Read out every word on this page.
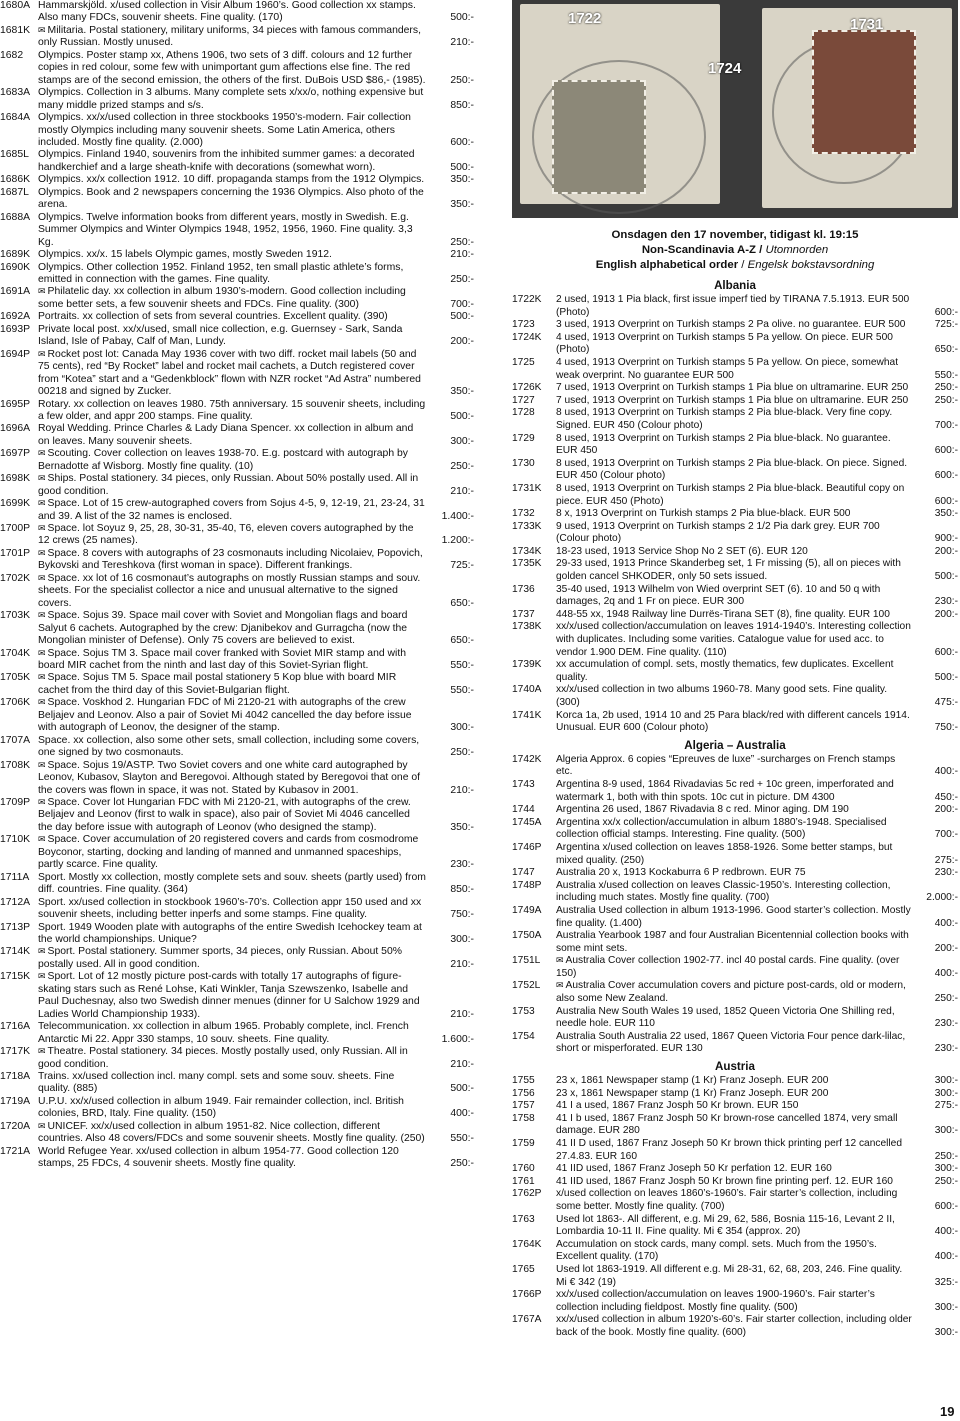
1680A Hammarskjöld. x/used collection in Visir Album 1960’s. Good collection xx stamps. Also many FDCs, souvenir sheets. Fine quality. (170)	500:-
1681K ✉ Militaria. Postal stationery, military uniforms, 34 pieces with famous commanders, only Russian. Mostly unused.	210:-
1682	Olympics. Poster stamp xx, Athens 1906, two sets of 3 diff. colours and 12 further copies in red colour, some few with unimportant gum affections else fine. The red stamps are of the second emission, the others of the first. DuBois USD $86,- (1985).	250:-
1683A Olympics. Collection in 3 albums. Many complete sets x/xx/o, nothing expensive but many middle prized stamps and s/s.	850:-
1684A Olympics. xx/x/used collection in three stockbooks 1950’s-modern. Fair collection mostly Olympics including many souvenir sheets. Some Latin America, others included. Mostly fine quality. (2.000)	600:-
1685L Olympics. Finland 1940, souvenirs from the inhibited summer games: a decorated handkerchief and a large sheath-knife with decorations (somewhat worn).	500:-
1686K Olympics. xx/x collection 1912. 10 diff. propaganda stamps from the 1912 Olympics.	350:-
1687L Olympics. Book and 2 newspapers concerning the 1936 Olympics. Also photo of the arena.	350:-
1688A Olympics. Twelve information books from different years, mostly in Swedish. E.g. Summer Olympics and Winter Olympics 1948, 1952, 1956, 1960. Fine quality. 3,3 Kg.	250:-
1689K Olympics. xx/x. 15 labels Olympic games, mostly Sweden 1912.	210:-
1690K Olympics. Other collection 1952. Finland 1952, ten small plastic athlete’s forms, emitted in connection with the games. Fine quality.	250:-
1691A ✉ Philatelic day. xx collection in album 1930’s-modern. Good collection including some better sets, a few souvenir sheets and FDCs. Fine quality. (300)	700:-
1692A Portraits. xx collection of sets from several countries. Excellent quality. (390)	500:-
1693P Private local post. xx/x/used, small nice collection, e.g. Guernsey - Sark, Sanda Island, Isle of Pabay, Calf of Man, Lundy.	200:-
1694P ✉ Rocket post lot: Canada May 1936 cover with two diff. rocket mail labels (50 and 75 cents), red “By Rocket” label and rocket mail cachets, a Dutch registered cover from “Kotea” start and a “Gedenkblock” flown with NZR rocket “Ad Astra” numbered 00218 and signed by Zucker.	350:-
1695P Rotary. xx collection on leaves 1980. 75th anniversary. 15 souvenir sheets, including a few older, and appr 200 stamps. Fine quality.	500:-
1696A Royal Wedding. Prince Charles & Lady Diana Spencer. xx collection in album and on leaves. Many souvenir sheets.	300:-
1697P ✉ Scouting. Cover collection on leaves 1938-70. E.g. postcard with autograph by Bernadotte af Wisborg. Mostly fine quality. (10)	250:-
1698K ✉ Ships. Postal stationery. 34 pieces, only Russian. About 50% postally used. All in good condition.	210:-
1699K ✉ Space. Lot of 15 crew-autographed covers from Sojus 4-5, 9, 12-19, 21, 23-24, 31 and 39. A list of the 32 names is enclosed.	1.400:-
1700P ✉ Space. lot Soyuz 9, 25, 28, 30-31, 35-40, T6, eleven covers autographed by the 12 crews (25 names).	1.200:-
1701P ✉ Space. 8 covers with autographs of 23 cosmonauts including Nicolaiev, Popovich, Bykovski and Tereshkova (first woman in space). Different frankings.	725:-
1702K ✉ Space. xx lot of 16 cosmonaut’s autographs on mostly Russian stamps and souv. sheets. For the specialist collector a nice and unusual alternative to the signed covers.	650:-
1703K ✉ Space. Sojus 39. Space mail cover with Soviet and Mongolian flags and board Salyut 6 cachets. Autographed by the crew: Djanibekov and Gurragcha (now the Mongolian minister of Defense). Only 75 covers are believed to exist.	650:-
1704K ✉ Space. Sojus TM 3. Space mail cover franked with Soviet MIR stamp and with board MIR cachet from the ninth and last day of this Soviet-Syrian flight.	550:-
1705K ✉ Space. Sojus TM 5. Space mail postal stationery 5 Kop blue with board MIR cachet from the third day of this Soviet-Bulgarian flight.	550:-
1706K ✉ Space. Voskhod 2. Hungarian FDC of Mi 2120-21 with autographs of the crew Beljajev and Leonov. Also a pair of Soviet Mi 4042 cancelled the day before issue with autograph of Leonov, the designer of the stamp.	300:-
1707A Space. xx collection, also some other sets, small collection, including some covers, one signed by two cosmonauts.	250:-
1708K ✉ Space. Sojus 19/ASTP. Two Soviet covers and one white card autographed by Leonov, Kubasov, Slayton and Beregovoi. Although stated by Beregovoi that one of the covers was flown in space, it was not. Stated by Kubasov in 2001.	210:-
1709P ✉ Space. Cover lot Hungarian FDC with Mi 2120-21, with autographs of the crew. Beljajev and Leonov (first to walk in space), also pair of Soviet Mi 4046 cancelled the day before issue with autograph of Leonov (who designed the stamp).	350:-
1710K ✉ Space. Cover accumulation of 20 registered covers and cards from cosmodrome Boyconor, starting, docking and landing of manned and unmanned spaceships, partly scarce. Fine quality.	230:-
1711A Sport. Mostly xx collection, mostly complete sets and souv. sheets (partly used) from diff. countries. Fine quality. (364)	850:-
1712A Sport. xx/used collection in stockbook 1960’s-70’s. Collection appr 150 used and xx souvenir sheets, including better inperfs and some stamps. Fine quality.	750:-
1713P Sport. 1949 Wooden plate with autographs of the entire Swedish Icehockey team at the world championships. Unique?	300:-
1714K ✉ Sport. Postal stationery. Summer sports, 34 pieces, only Russian. About 50% postally used. All in good condition.	210:-
1715K ✉ Sport. Lot of 12 mostly picture post-cards with totally 17 autographs of figure-skating stars such as René Lohse, Kati Winkler, Tanja Szewszenko, Isabelle and Paul Duchesnay, also two Swedish dinner menues (dinner for U Salchow 1929 and Ladies World Championship 1933).	210:-
1716A Telecommunication. xx collection in album 1965. Probably complete, incl. French Antarctic Mi 22. Appr 330 stamps, 10 souv. sheets. Fine quality.	1.600:-
1717K ✉ Theatre. Postal stationery. 34 pieces. Mostly postally used, only Russian. All in good condition.	210:-
1718A Trains. xx/used collection incl. many compl. sets and some souv. sheets. Fine quality. (885)	500:-
1719A U.P.U. xx/x/used collection in album 1949. Fair remainder collection, incl. British colonies, BRD, Italy. Fine quality. (150)	400:-
1720A ✉ UNICEF. xx/x/used collection in album 1951-82. Nice collection, different countries. Also 48 covers/FDCs and some souvenir sheets. Mostly fine quality. (250)	550:-
1721A World Refugee Year. xx/used collection in album 1954-77. Good collection 120 stamps, 25 FDCs, 4 souvenir sheets. Mostly fine quality.	250:-
1722
1724
1731
Onsdagen den 17 november, tidigast kl. 19:15
Non-Scandinavia A-Z / Utomnorden
English alphabetical order / Engelsk bokstavsordning
Albania
1722K	2 used, 1913 1 Pia black, first issue imperf tied by TIRANA 7.5.1913. EUR 500 (Photo)	600:-
1723	3 used, 1913 Overprint on Turkish stamps 2 Pa olive. no guarantee. EUR 500	725:-
1724K	4 used, 1913 Overprint on Turkish stamps 5 Pa yellow. On piece. EUR 500 (Photo)	650:-
1725	4 used, 1913 Overprint on Turkish stamps 5 Pa yellow. On piece, somewhat weak overprint. No guarantee EUR 500	550:-
1726K	7 used, 1913 Overprint on Turkish stamps 1 Pia blue on ultramarine. EUR 250	250:-
1727	7 used, 1913 Overprint on Turkish stamps 1 Pia blue on ultramarine. EUR 250	250:-
1728	8 used, 1913 Overprint on Turkish stamps 2 Pia blue-black. Very fine copy. Signed. EUR 450 (Colour photo)	700:-
1729	8 used, 1913 Overprint on Turkish stamps 2 Pia blue-black. No guarantee. EUR 450	600:-
1730	8 used, 1913 Overprint on Turkish stamps 2 Pia blue-black. On piece. Signed. EUR 450 (Colour photo)	600:-
1731K	8 used, 1913 Overprint on Turkish stamps 2 Pia blue-black. Beautiful copy on piece. EUR 450 (Photo)	600:-
1732	8 x, 1913 Overprint on Turkish stamps 2 Pia blue-black. EUR 500	350:-
1733K	9 used, 1913 Overprint on Turkish stamps 2 1/2 Pia dark grey. EUR 700 (Colour photo)	900:-
1734K	18-23 used, 1913 Service Shop No 2 SET (6). EUR 120	200:-
1735K	29-33 used, 1913 Prince Skanderbeg set, 1 Fr missing (5), all on pieces with golden cancel SHKODER, only 50 sets issued.	500:-
1736	35-40 used, 1913 Wilhelm von Wied overprint SET (6). 10 and 50 q with damages, 2q and 1 Fr on piece. EUR 300	230:-
1737	448-55 xx, 1948 Railway line Durrës-Tirana SET (8), fine quality. EUR 100	200:-
1738K	xx/x/used collection/accumulation on leaves 1914-1940’s. Interesting collection with duplicates. Including some varities. Catalogue value for used acc. to vendor 1.900 DEM. Fine quality. (110)	600:-
1739K	xx accumulation of compl. sets, mostly thematics, few duplicates. Excellent quality.	500:-
1740A	xx/x/used collection in two albums 1960-78. Many good sets. Fine quality. (300)	475:-
1741K	Korca 1a, 2b used, 1914 10 and 25 Para black/red with different cancels 1914. Unusual. EUR 600 (Colour photo)	750:-
Algeria – Australia
1742K	Algeria Approx. 6 copies “Epreuves de luxe” -surcharges on French stamps etc.	400:-
1743	Argentina 8-9 used, 1864 Rivadavias 5c red + 10c green, imperforated and watermark 1, both with thin spots. 10c cut in picture. DM 4300	450:-
1744	Argentina 26 used, 1867 Rivadavia 8 c red. Minor aging. DM 190	200:-
1745A	Argentina xx/x collection/accumulation in album 1880’s-1948. Specialised collection official stamps. Interesting. Fine quality. (500)	700:-
1746P	Argentina x/used collection on leaves 1858-1926. Some better stamps, but mixed quality. (250)	275:-
1747	Australia 20 x, 1913 Kockaburra 6 P redbrown. EUR 75	230:-
1748P	Australia x/used collection on leaves Classic-1950’s. Interesting collection, including much states. Mostly fine quality. (700)	2.000:-
1749A	Australia Used collection in album 1913-1996. Good starter’s collection. Mostly fine quality. (1.400)	400:-
1750A	Australia Yearbook 1987 and four Australian Bicentennial collection books with some mint sets.	200:-
1751L	✉ Australia Cover collection 1902-77. incl 40 postal cards. Fine quality. (over 150)	400:-
1752L	✉ Australia Cover accumulation covers and picture post-cards, old or modern, also some New Zealand.	250:-
1753	Australia New South Wales 19 used, 1852 Queen Victoria One Shilling red, needle hole. EUR 110	230:-
1754	Australia South Australia 22 used, 1867 Queen Victoria Four pence dark-lilac, short or misperforated. EUR 130	230:-
Austria
1755	23 x, 1861 Newspaper stamp (1 Kr) Franz Joseph. EUR 200	300:-
1756	23 x, 1861 Newspaper stamp (1 Kr) Franz Joseph. EUR 200	300:-
1757	41 I a used, 1867 Franz Josph 50 Kr brown. EUR 150	275:-
1758	41 I b used, 1867 Franz Josph 50 Kr brown-rose cancelled 1874, very small damage. EUR 280	300:-
1759	41 II D used, 1867 Franz Joseph 50 Kr brown thick printing perf 12 cancelled 27.4.83. EUR 160	250:-
1760	41 IID used, 1867 Franz Joseph 50 Kr perfation 12. EUR 160	300:-
1761	41 IID used, 1867 Franz Josph 50 Kr brown fine printing perf. 12. EUR 160	250:-
1762P	x/used collection on leaves 1860’s-1960’s. Fair starter’s collection, including some better. Mostly fine quality. (700)	600:-
1763	Used lot 1863-. All different, e.g. Mi 29, 62, 586, Bosnia 115-16, Levant 2 II, Lombardia 10-11 II. Fine quality. Mi € 354 (approx. 20)	400:-
1764K	Accumulation on stock cards, many compl. sets. Much from the 1950’s. Excellent quality. (170)	400:-
1765	Used lot 1863-1919. All different e.g. Mi 28-31, 62, 68, 203, 246. Fine quality. Mi € 342 (19)	325:-
1766P	xx/x/used collection/accumulation on leaves 1900-1960’s. Fair starter’s collection including fieldpost. Mostly fine quality. (500)	300:-
1767A	xx/x/used collection in album 1920’s-60’s. Fair starter collection, including older back of the book. Mostly fine quality. (600)	300:-
19
